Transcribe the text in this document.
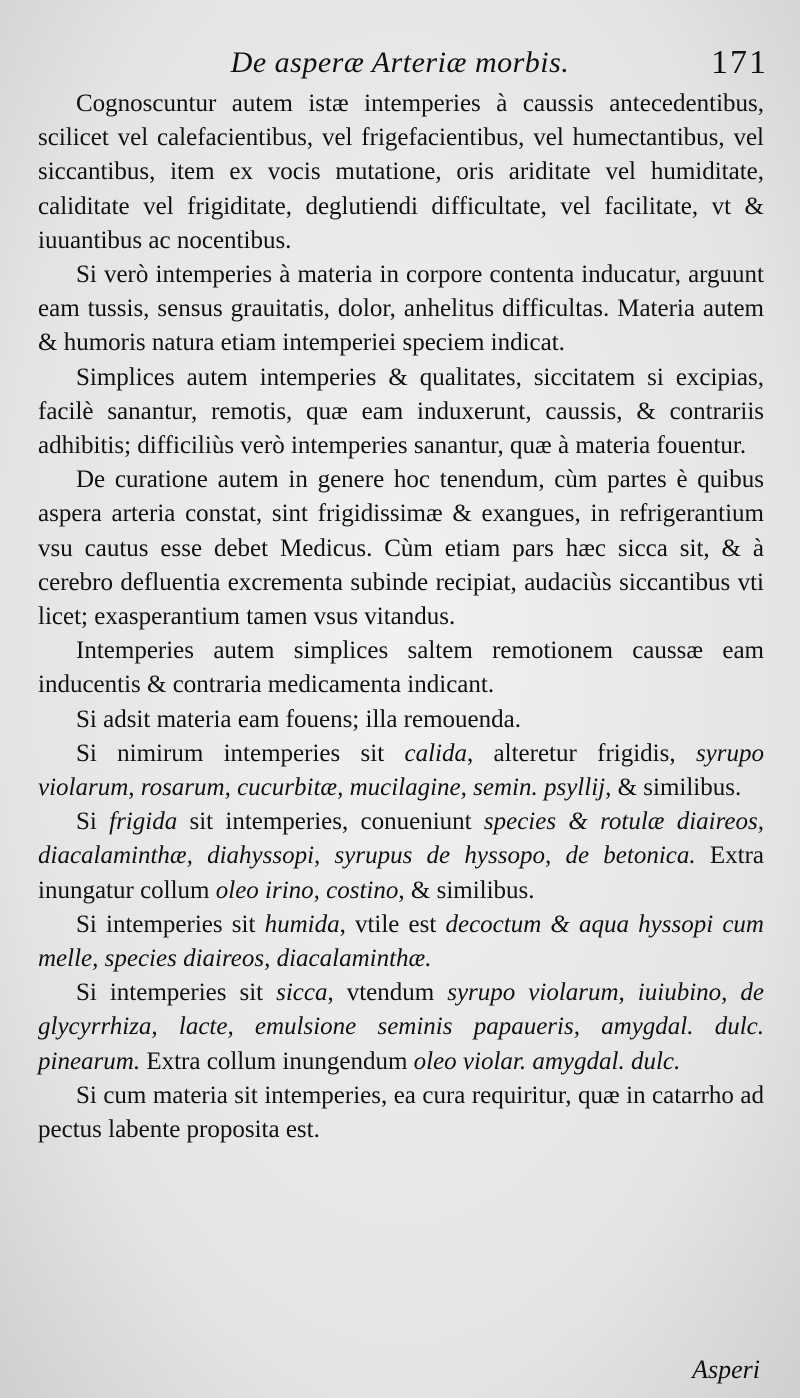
De asperæ Arteriæ morbis.	171

Cognoscuntur autem istæ intemperies à caussis antecedentibus, scilicet vel calefacientibus, vel frigefacientibus, vel humectantibus, vel siccantibus, item ex vocis mutatione, oris ariditate vel humiditate, caliditate vel frigiditate, deglutiendi difficultate, vel facilitate, vt & iuuantibus ac nocentibus.

Si verò intemperies à materia in corpore contenta inducatur, arguunt eam tussis, sensus grauitatis, dolor, anhelitus difficultas. Materia autem & humoris natura etiam intemperiei speciem indicat.

Simplices autem intemperies & qualitates, siccitatem si excipias, facilè sanantur, remotis, quæ eam induxerunt, caussis, & contrariis adhibitis; difficiliùs verò intemperies sanantur, quæ à materia fouentur.

De curatione autem in genere hoc tenendum, cùm partes è quibus aspera arteria constat, sint frigidissimæ & exangues, in refrigerantium vsu cautus esse debet Medicus. Cùm etiam pars hæc sicca sit, & à cerebro defluentia excrementa subinde recipiat, audaciùs siccantibus vti licet; exasperantium tamen vsus vitandus.

Intemperies autem simplices saltem remotionem caussæ eam inducentis & contraria medicamenta indicant.

Si adsit materia eam fouens; illa remouenda.

Si nimirum intemperies sit calida, alteretur frigidis, syrupo violarum, rosarum, cucurbitæ, mucilagine, semin. psyllij, & similibus.

Si frigida sit intemperies, conueniunt species & rotulæ diaireos, diacalaminthæ, diahyssopi, syrupus de hyssopo, de betonica. Extra inungatur collum oleo irino, costino, & similibus.

Si intemperies sit humida, vtile est decoctum & aqua hyssopi cum melle, species diaireos, diacalaminthæ.

Si intemperies sit sicca, vtendum syrupo violarum, iuiubino, de glycyrrhiza, lacte, emulsione seminis papaueris, amygdal. dulc. pinearum. Extra collum inungendum oleo violar. amygdal. dulc.

Si cum materia sit intemperies, ea cura requiritur, quæ in catarrho ad pectus labente proposita est.

Asperi
